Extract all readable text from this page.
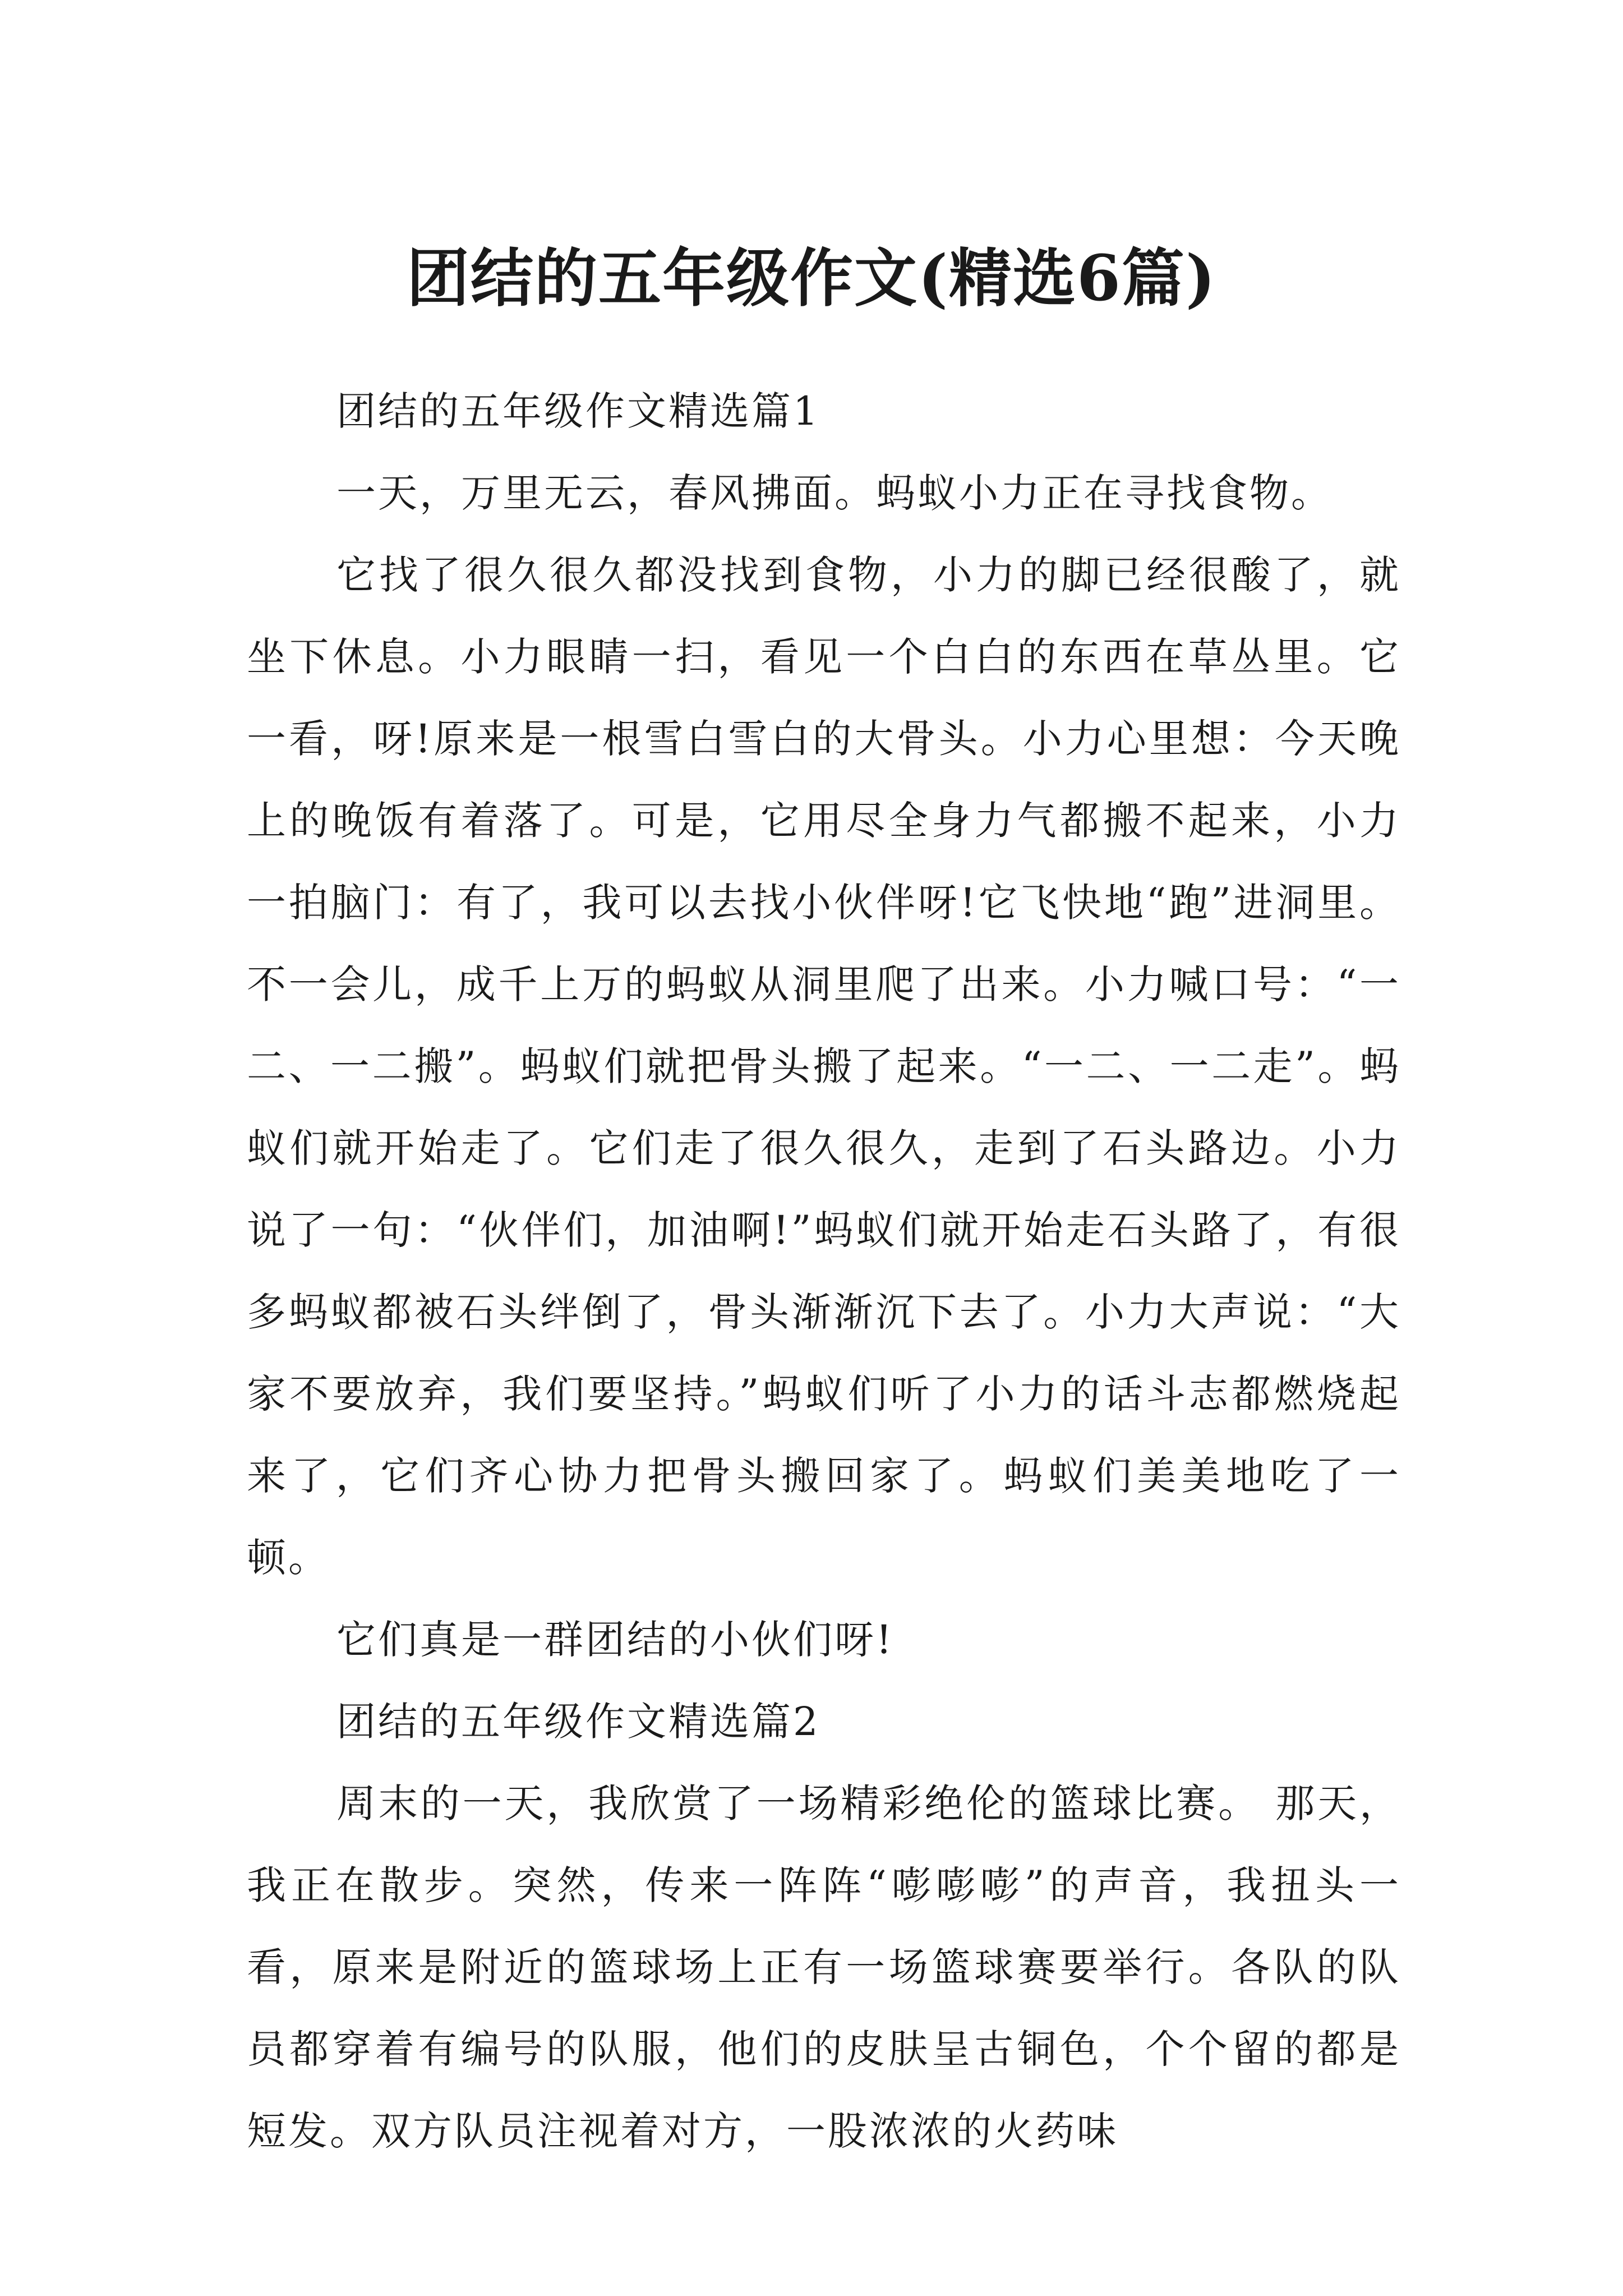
团结的五年级作文(精选6篇)

团结的五年级作文精选篇1

一天，万里无云，春风拂面。蚂蚁小力正在寻找食物。

它找了很久很久都没找到食物，小力的脚已经很酸了，就坐下休息。小力眼睛一扫，看见一个白白的东西在草丛里。它一看，呀!原来是一根雪白雪白的大骨头。小力心里想：今天晚上的晚饭有着落了。可是，它用尽全身力气都搬不起来，小力一拍脑门：有了，我可以去找小伙伴呀!它飞快地“跑”进洞里。不一会儿，成千上万的蚂蚁从洞里爬了出来。小力喊口号：“一二、一二搬”。蚂蚁们就把骨头搬了起来。“一二、一二走”。蚂蚁们就开始走了。它们走了很久很久，走到了石头路边。小力说了一句：“伙伴们，加油啊!”蚂蚁们就开始走石头路了，有很多蚂蚁都被石头绊倒了，骨头渐渐沉下去了。小力大声说：“大家不要放弃，我们要坚持。”蚂蚁们听了小力的话斗志都燃烧起来了，它们齐心协力把骨头搬回家了。蚂蚁们美美地吃了一顿。

它们真是一群团结的小伙们呀!

团结的五年级作文精选篇2

周末的一天，我欣赏了一场精彩绝伦的篮球比赛。 那天，我正在散步。突然，传来一阵阵“嘭嘭嘭”的声音，我扭头一看，原来是附近的篮球场上正有一场篮球赛要举行。各队的队员都穿着有编号的队服，他们的皮肤呈古铜色，个个留的都是短发。双方队员注视着对方，一股浓浓的火药味
